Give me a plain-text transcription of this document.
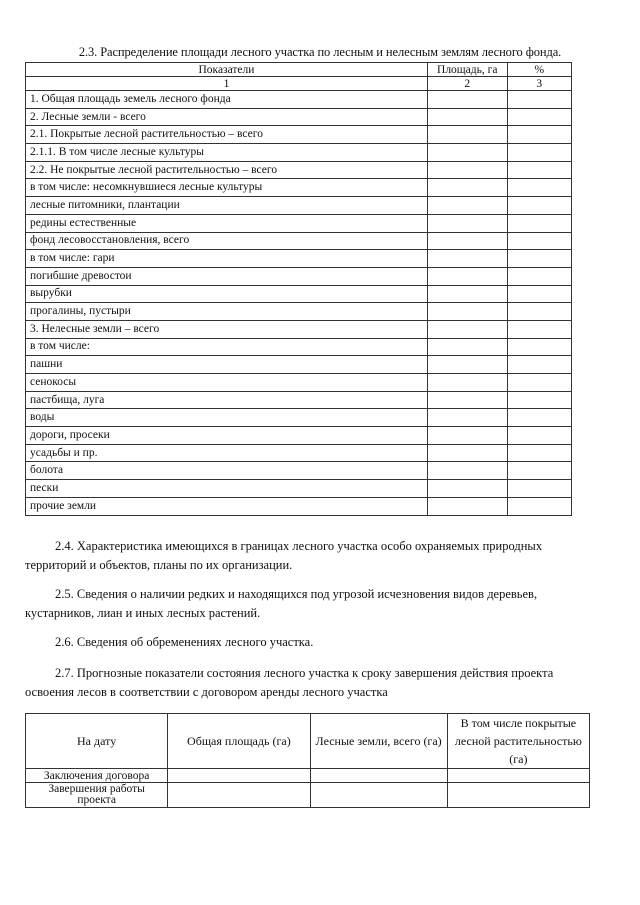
2.3. Распределение площади лесного участка по лесным и нелесным землям лесного фонда.
Показатели	Площадь, га	%
1	2	3
1. Общая площадь земель лесного фонда		
2. Лесные земли - всего		
2.1. Покрытые лесной растительностью – всего		
2.1.1. В том числе лесные культуры		
2.2. Не покрытые лесной растительностью – всего		
в том числе: несомкнувшиеся лесные культуры		
лесные питомники, плантации		
редины естественные		
фонд лесовосстановления, всего		
в том числе: гари		
погибшие древостои		
вырубки		
прогалины, пустыри		
3. Нелесные земли – всего		
в том числе:		
пашни		
сенокосы		
пастбища, луга		
воды		
дороги, просеки		
усадьбы и пр.		
болота		
пески		
прочие земли		
2.4. Характеристика имеющихся в границах лесного участка особо охраняемых природных
территорий и объектов, планы по их организации.
2.5. Сведения о наличии редких и находящихся под угрозой исчезновения видов деревьев,
кустарников, лиан и иных лесных растений.
2.6. Сведения об обременениях лесного участка.
2.7. Прогнозные показатели состояния лесного участка к сроку завершения действия проекта
освоения лесов в соответствии с договором аренды лесного участка
На дату	Общая площадь (га)	Лесные земли, всего (га)	В том числе покрытые лесной растительностью (га)
Заключения договора			
Завершения работы проекта			
